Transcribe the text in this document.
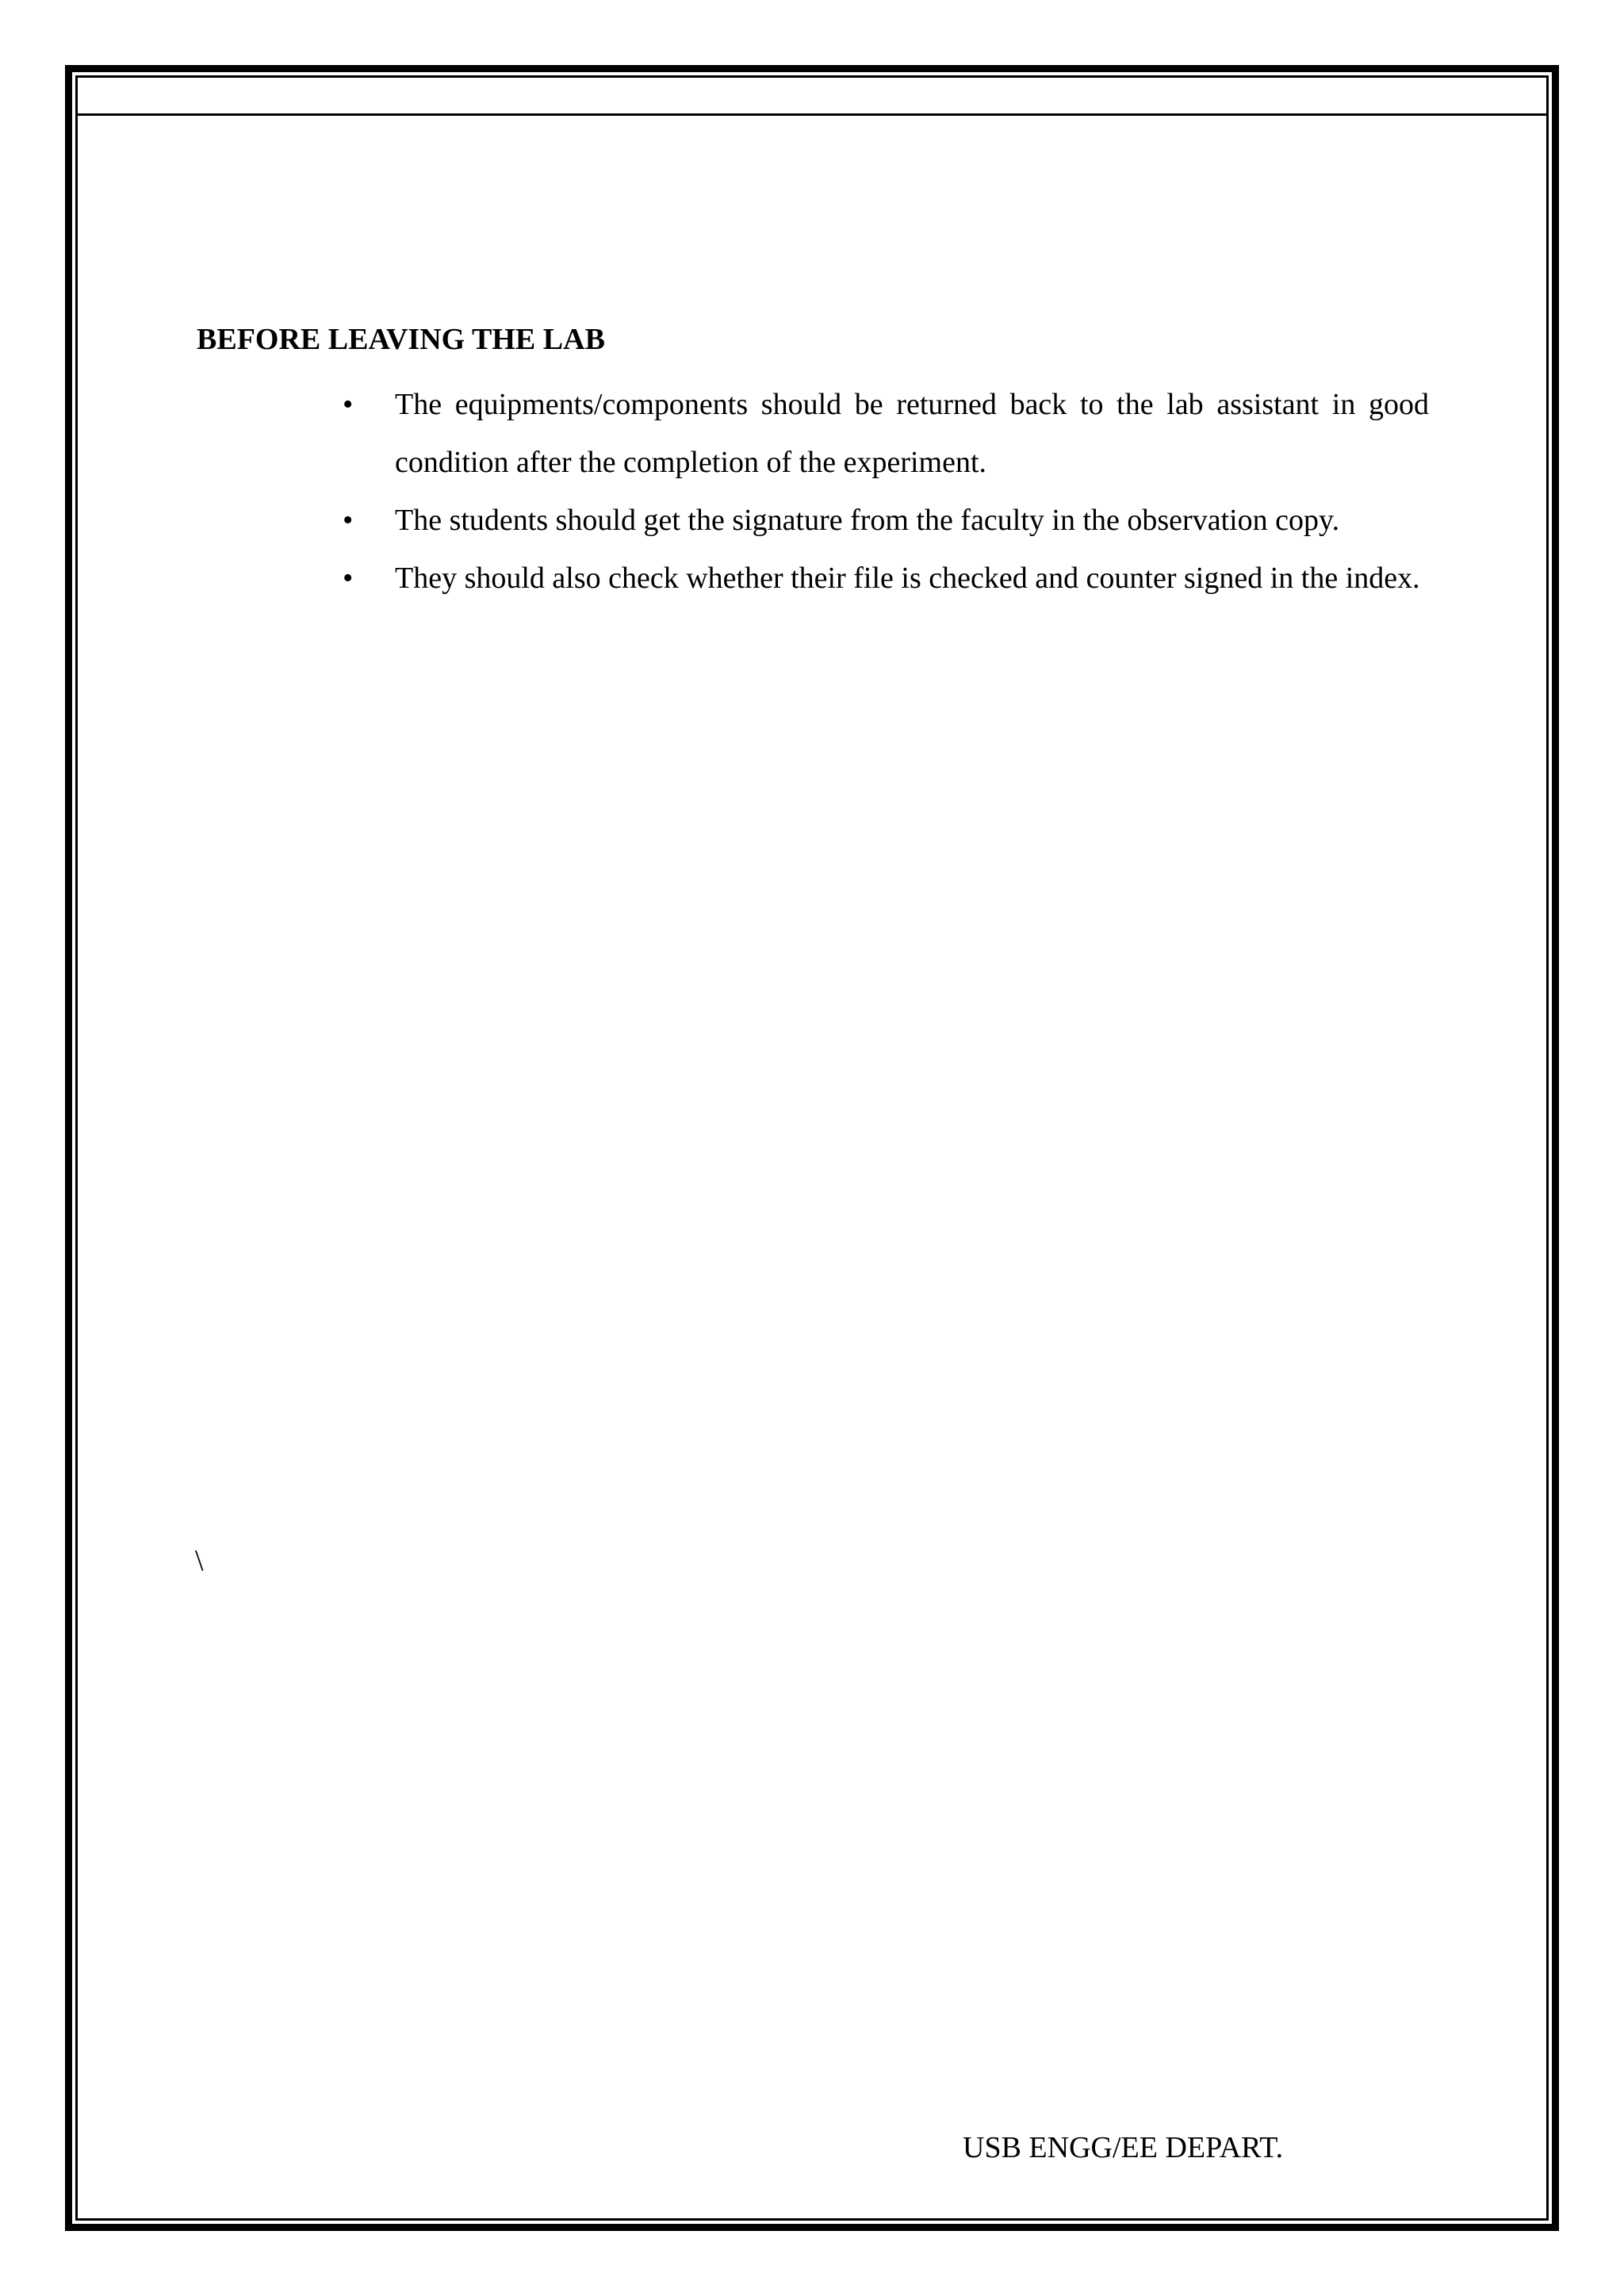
BEFORE LEAVING THE LAB
• The equipments/components should be returned back to the lab assistant in good condition after the completion of the experiment.
• The students should get the signature from the faculty in the observation copy.
• They should also check whether their file is checked and counter signed in the index.
\
USB ENGG/EE DEPART.
